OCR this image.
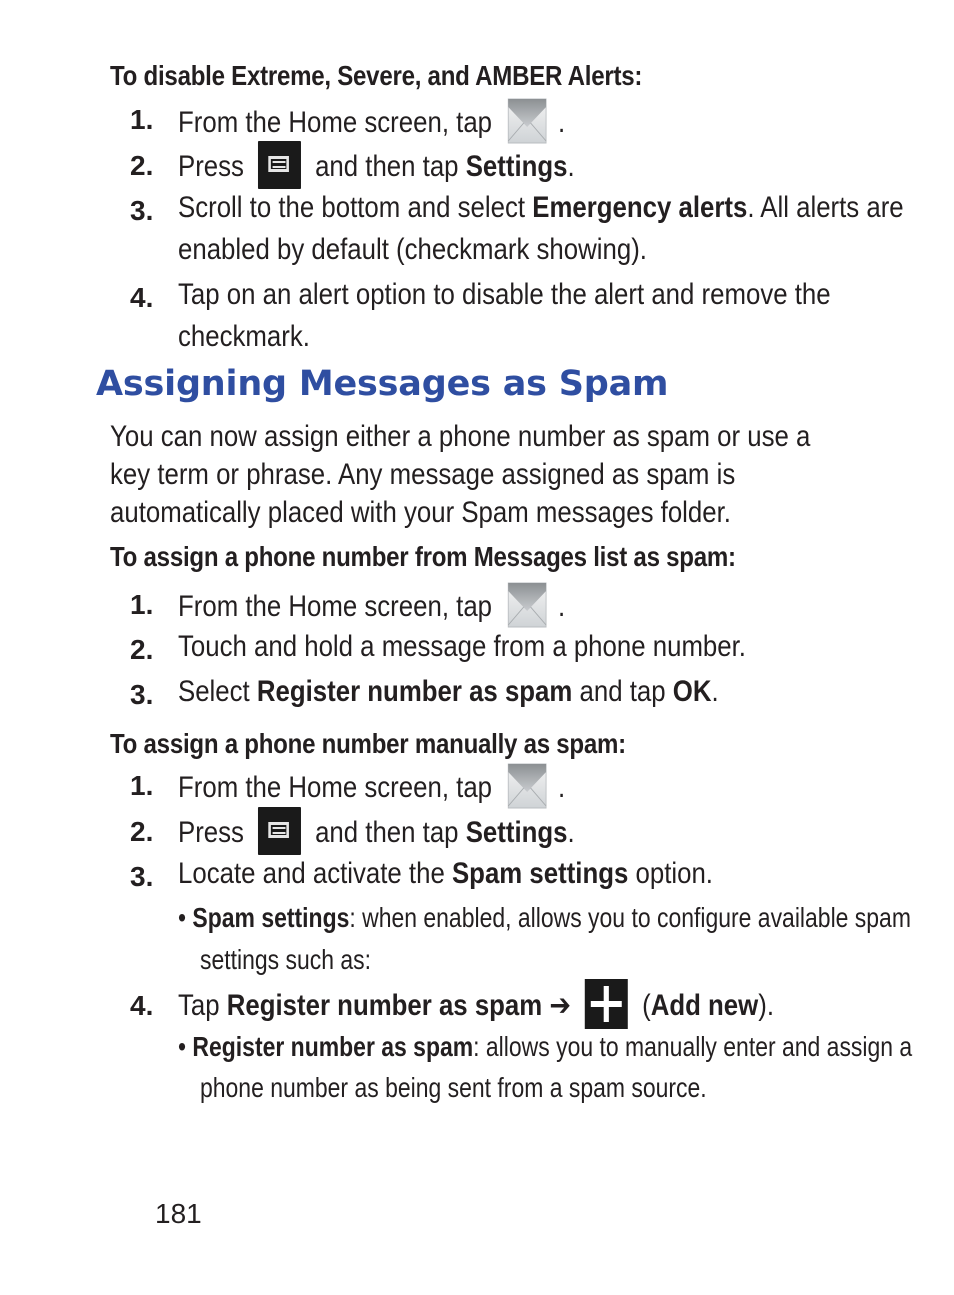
To disable Extreme, Severe, and AMBER Alerts:
1. From the Home screen, tap .
2. Press and then tap Settings.
3. Scroll to the bottom and select Emergency alerts. All alerts are
enabled by default (checkmark showing).
4. Tap on an alert option to disable the alert and remove the
checkmark.
Assigning Messages as Spam
You can now assign either a phone number as spam or use a key term or phrase. Any message assigned as spam is automatically placed with your Spam messages folder.
To assign a phone number from Messages list as spam:
1. From the Home screen, tap .
2. Touch and hold a message from a phone number.
3. Select Register number as spam and tap OK.
To assign a phone number manually as spam:
1. From the Home screen, tap .
2. Press and then tap Settings.
3. Locate and activate the Spam settings option.
• Spam settings: when enabled, allows you to configure available spam
settings such as:
4. Tap Register number as spam ➔ (Add new).
• Register number as spam: allows you to manually enter and assign a
phone number as being sent from a spam source.
181
